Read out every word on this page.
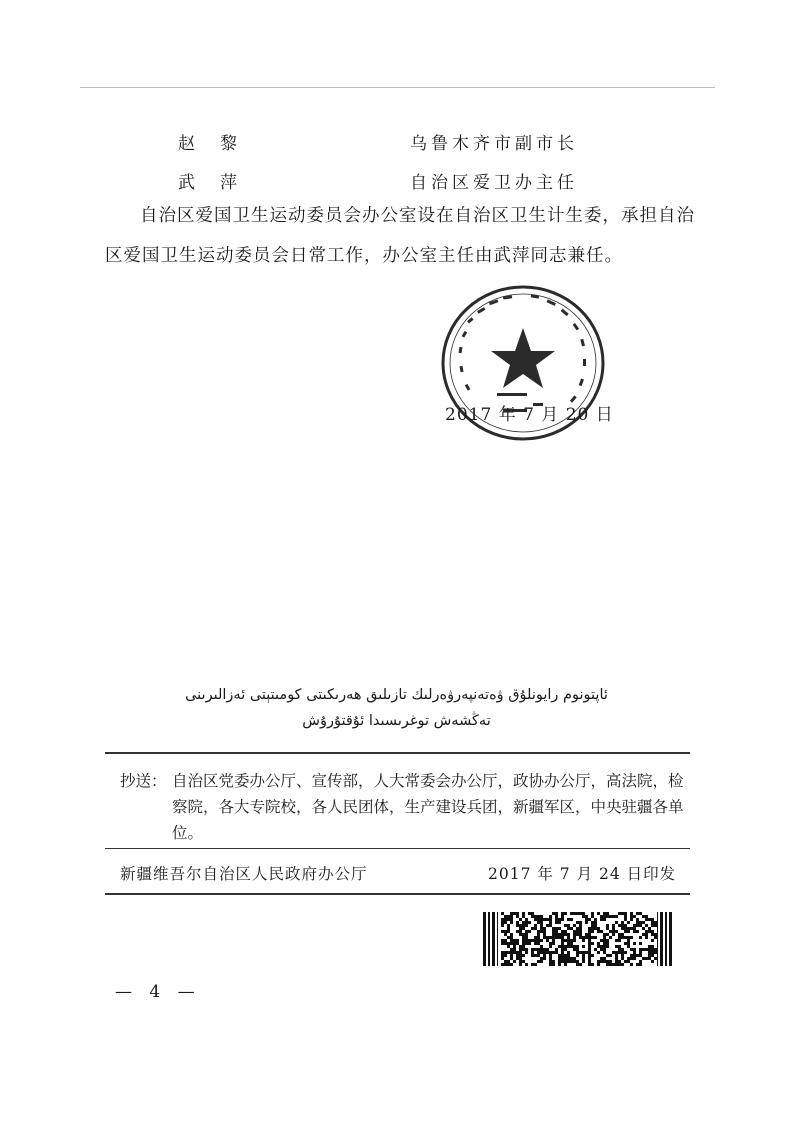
赵　黎	乌鲁木齐市副市长
武　萍	自治区爱卫办主任

自治区爱国卫生运动委员会办公室设在自治区卫生计生委，承担自治区爱国卫生运动委员会日常工作，办公室主任由武萍同志兼任。

2017 年 7 月 20 日
ئاپتونوم رايونلۇق ۋەتەنپەرۋەرلىك تازىلىق ھەرىكىتى كومىتېتى ئەزالىرىنى
تەڭشەش توغرىسىدا ئۇقتۇرۇش
抄送： 自治区党委办公厅、宣传部，人大常委会办公厅，政协办公厅，高法院，检察院，各大专院校，各人民团体，生产建设兵团，新疆军区，中央驻疆各单位。
新疆维吾尔自治区人民政府办公厅	2017 年 7 月 24 日印发
— 4 —
